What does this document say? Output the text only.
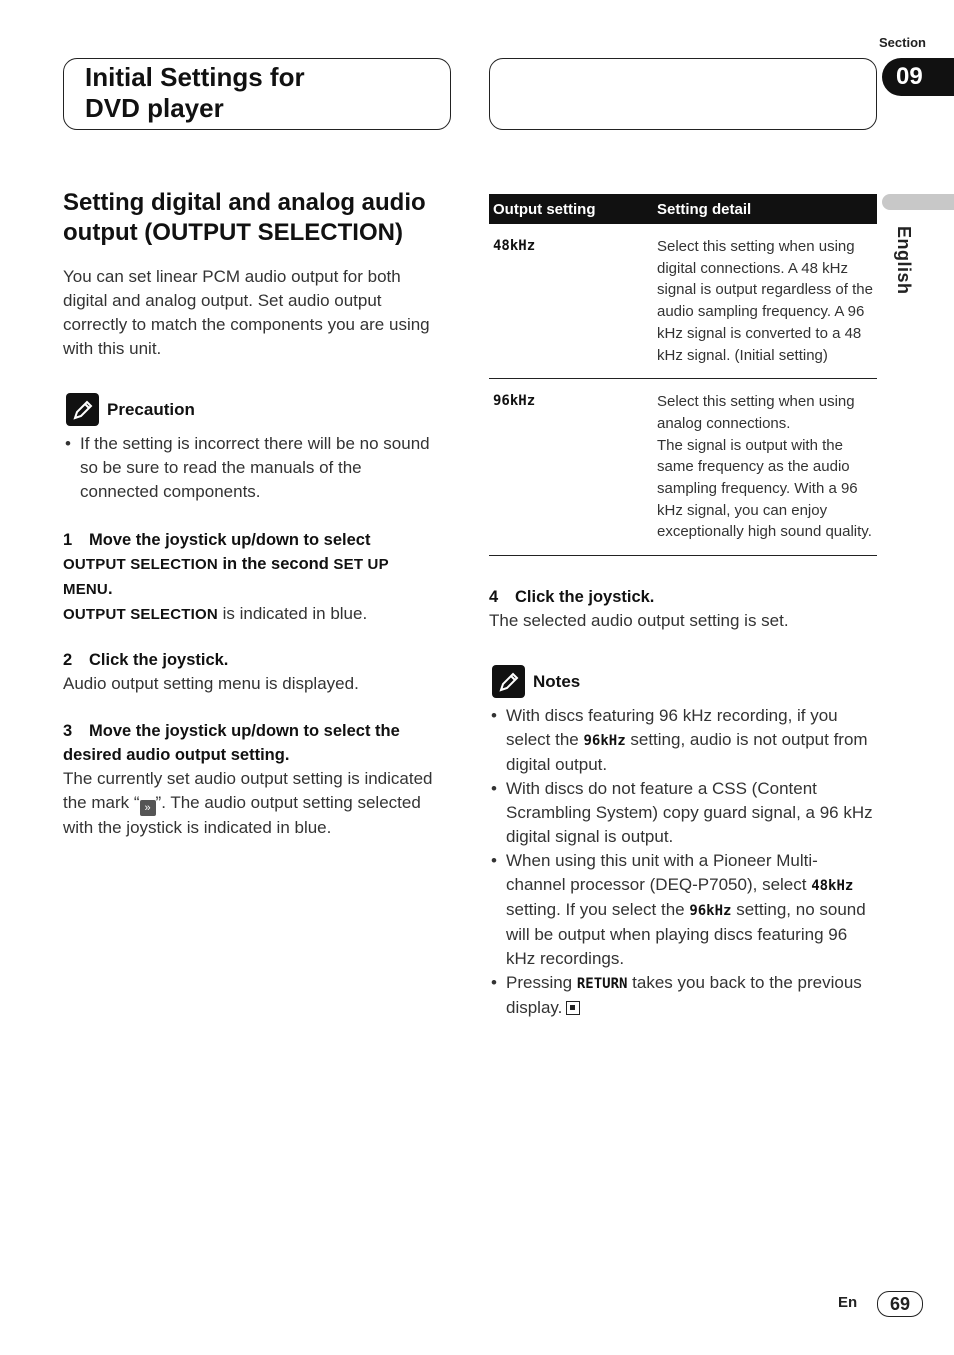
Section
09
Initial Settings for
DVD player
English
Setting digital and analog audio output (OUTPUT SELECTION)

You can set linear PCM audio output for both digital and analog output. Set audio output correctly to match the components you are using with this unit.

Precaution
• If the setting is incorrect there will be no sound so be sure to read the manuals of the connected components.

1 Move the joystick up/down to select
OUTPUT SELECTION in the second SET UP MENU.

OUTPUT SELECTION is indicated in blue.

2 Click the joystick.

Audio output setting menu is displayed.

3 Move the joystick up/down to select the desired audio output setting.

The currently set audio output setting is indicated the mark “ » ”. The audio output setting selected with the joystick is indicated in blue.

Output setting	Setting detail
48kHz	Select this setting when using digital connections. A 48 kHz signal is output regardless of the audio sampling frequency. A 96 kHz signal is converted to a 48 kHz signal. (Initial setting)
96kHz	Select this setting when using analog connections.
The signal is output with the same frequency as the audio sampling frequency. With a 96 kHz signal, you can enjoy exceptionally high sound quality.

4 Click the joystick.

The selected audio output setting is set.

Notes
• With discs featuring 96 kHz recording, if you select the 96kHz setting, audio is not output from digital output.
• With discs do not feature a CSS (Content Scrambling System) copy guard signal, a 96 kHz digital signal is output.
• When using this unit with a Pioneer Multi-channel processor (DEQ-P7050), select 48kHz setting. If you select the 96kHz setting, no sound will be output when playing discs featuring 96 kHz recordings.
• Pressing RETURN takes you back to the previous display.
En	69
